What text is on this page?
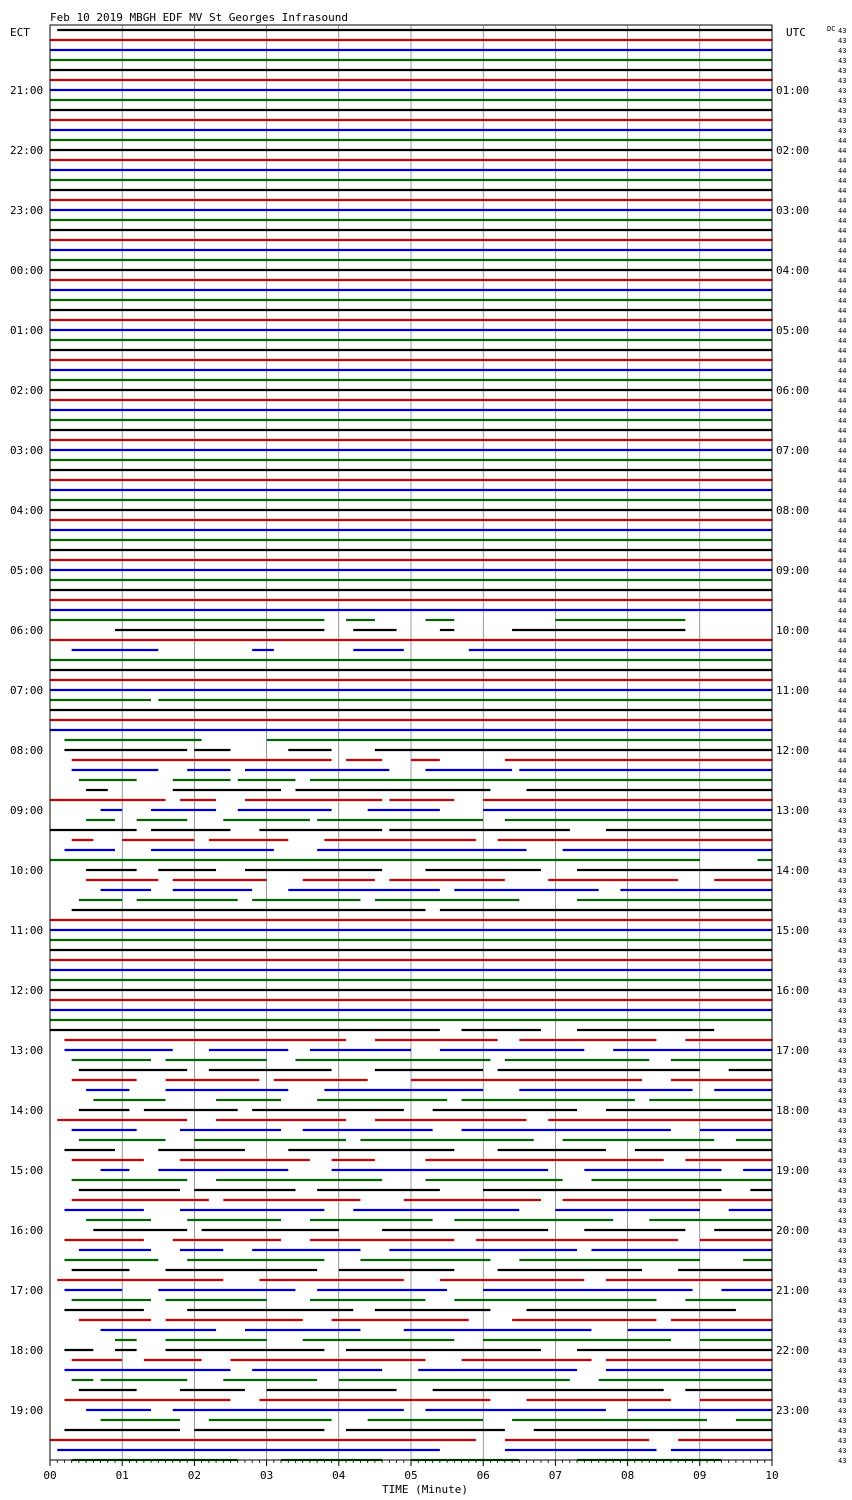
Feb 10 2019 MBGH EDF MV St Georges Infrasound
ECT	UTC	DC
21:00
22:00
23:00
00:00
01:00
02:00
03:00
04:00
05:00
06:00
07:00
08:00
09:00
10:00
11:00
12:00
13:00
14:00
15:00
16:00
17:00
18:00
19:00
01:00
02:00
03:00
04:00
05:00
06:00
07:00
08:00
09:00
10:00
11:00
12:00
13:00
14:00
15:00
16:00
17:00
18:00
19:00
20:00
21:00
22:00
23:00
43
43
43
43
43
43
43
43
43
43
43
44
44
44
44
44
44
44
44
44
44
44
44
44
44
44
44
44
44
44
44
44
44
44
44
44
44
44
44
44
44
44
44
44
44
44
44
44
44
44
44
44
44
44
44
44
44
44
44
44
44
44
44
44
44
44
44
44
44
44
44
44
44
44
44
44
43
43
43
43
43
43
43
43
43
43
43
43
43
43
43
43
43
43
43
43
43
43
43
43
43
43
43
43
43
43
43
43
43
43
43
43
43
43
43
43
43
43
43
43
43
43
43
43
43
43
43
43
43
43
43
43
43
43
43
43
43
43
43
43
43
43
43
43
00	01	02	03	04	05	06	07	08	09	10
TIME (Minute)
